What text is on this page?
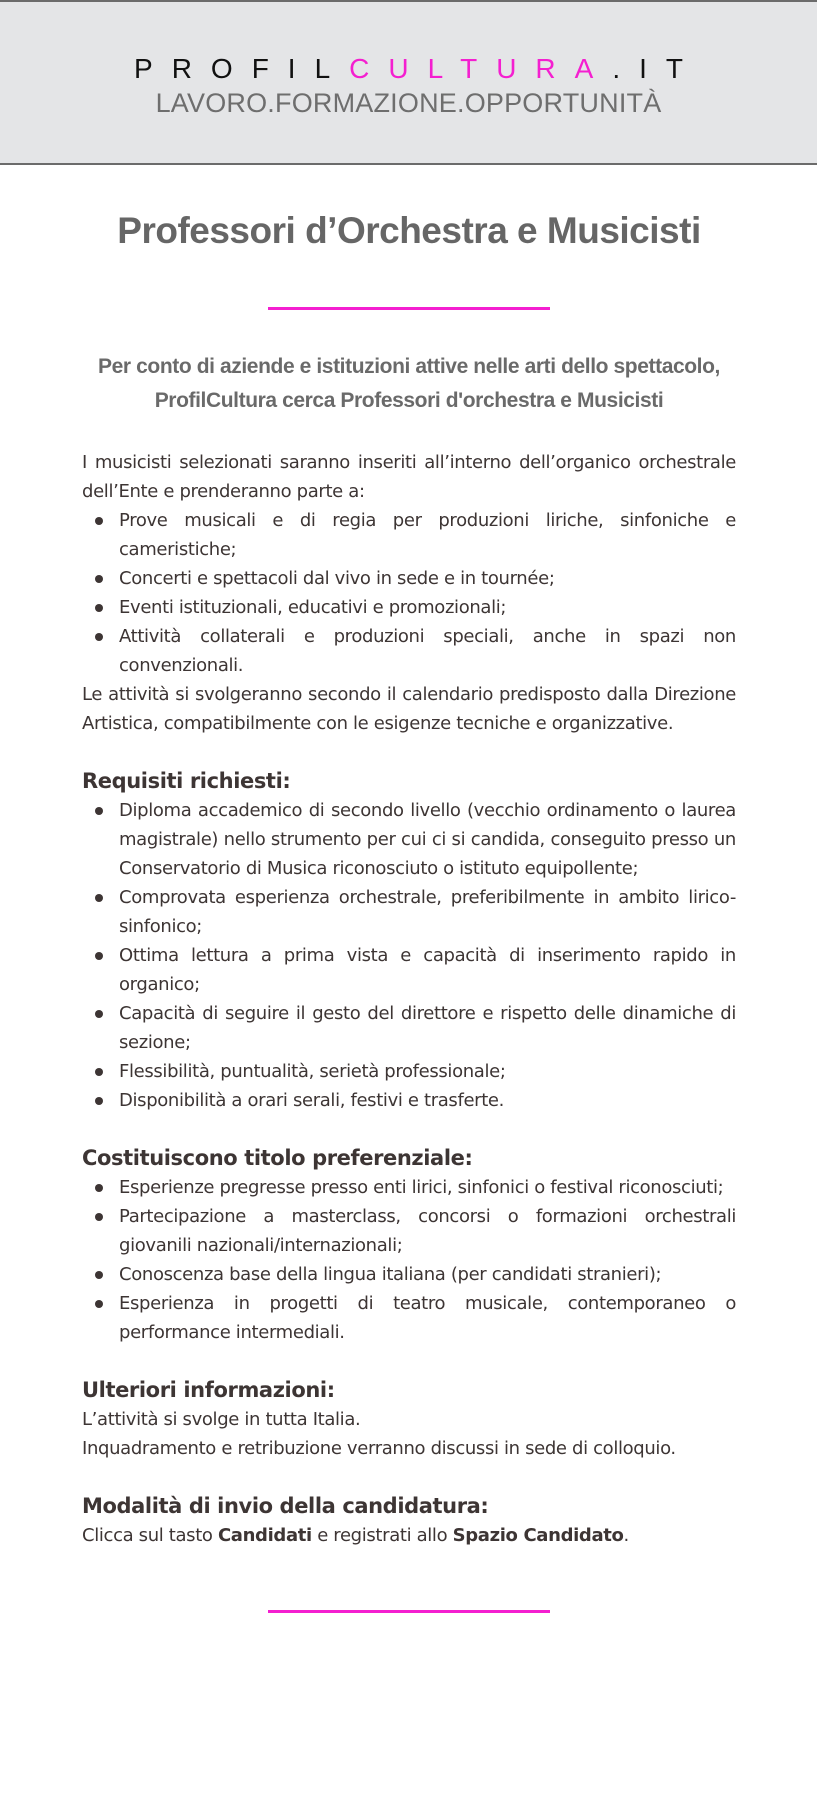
PROFILCULTURA.IT
LAVORO.FORMAZIONE.OPPORTUNITÀ
Professori d’Orchestra e Musicisti
Per conto di aziende e istituzioni attive nelle arti dello spettacolo,
ProfilCultura cerca Professori d'orchestra e Musicisti

I musicisti selezionati saranno inseriti all’interno dell’organico orchestrale dell’Ente e prenderanno parte a:

Prove musicali e di regia per produzioni liriche, sinfoniche e cameristiche;
Concerti e spettacoli dal vivo in sede e in tournée;
Eventi istituzionali, educativi e promozionali;
Attività collaterali e produzioni speciali, anche in spazi non convenzionali.

Le attività si svolgeranno secondo il calendario predisposto dalla Direzione Artistica, compatibilmente con le esigenze tecniche e organizzative.

Requisiti richiesti:
Diploma accademico di secondo livello (vecchio ordinamento o laurea magistrale) nello strumento per cui ci si candida, conseguito presso un Conservatorio di Musica riconosciuto o istituto equipollente;
Comprovata esperienza orchestrale, preferibilmente in ambito lirico-sinfonico;
Ottima lettura a prima vista e capacità di inserimento rapido in organico;
Capacità di seguire il gesto del direttore e rispetto delle dinamiche di sezione;
Flessibilità, puntualità, serietà professionale;
Disponibilità a orari serali, festivi e trasferte.
Costituiscono titolo preferenziale:
Esperienze pregresse presso enti lirici, sinfonici o festival riconosciuti;
Partecipazione a masterclass, concorsi o formazioni orchestrali giovanili nazionali/internazionali;
Conoscenza base della lingua italiana (per candidati stranieri);
Esperienza in progetti di teatro musicale, contemporaneo o performance intermediali.
Ulteriori informazioni:

L’attività si svolge in tutta Italia.

Inquadramento e retribuzione verranno discussi in sede di colloquio.

Modalità di invio della candidatura:

Clicca sul tasto Candidati e registrati allo Spazio Candidato.
